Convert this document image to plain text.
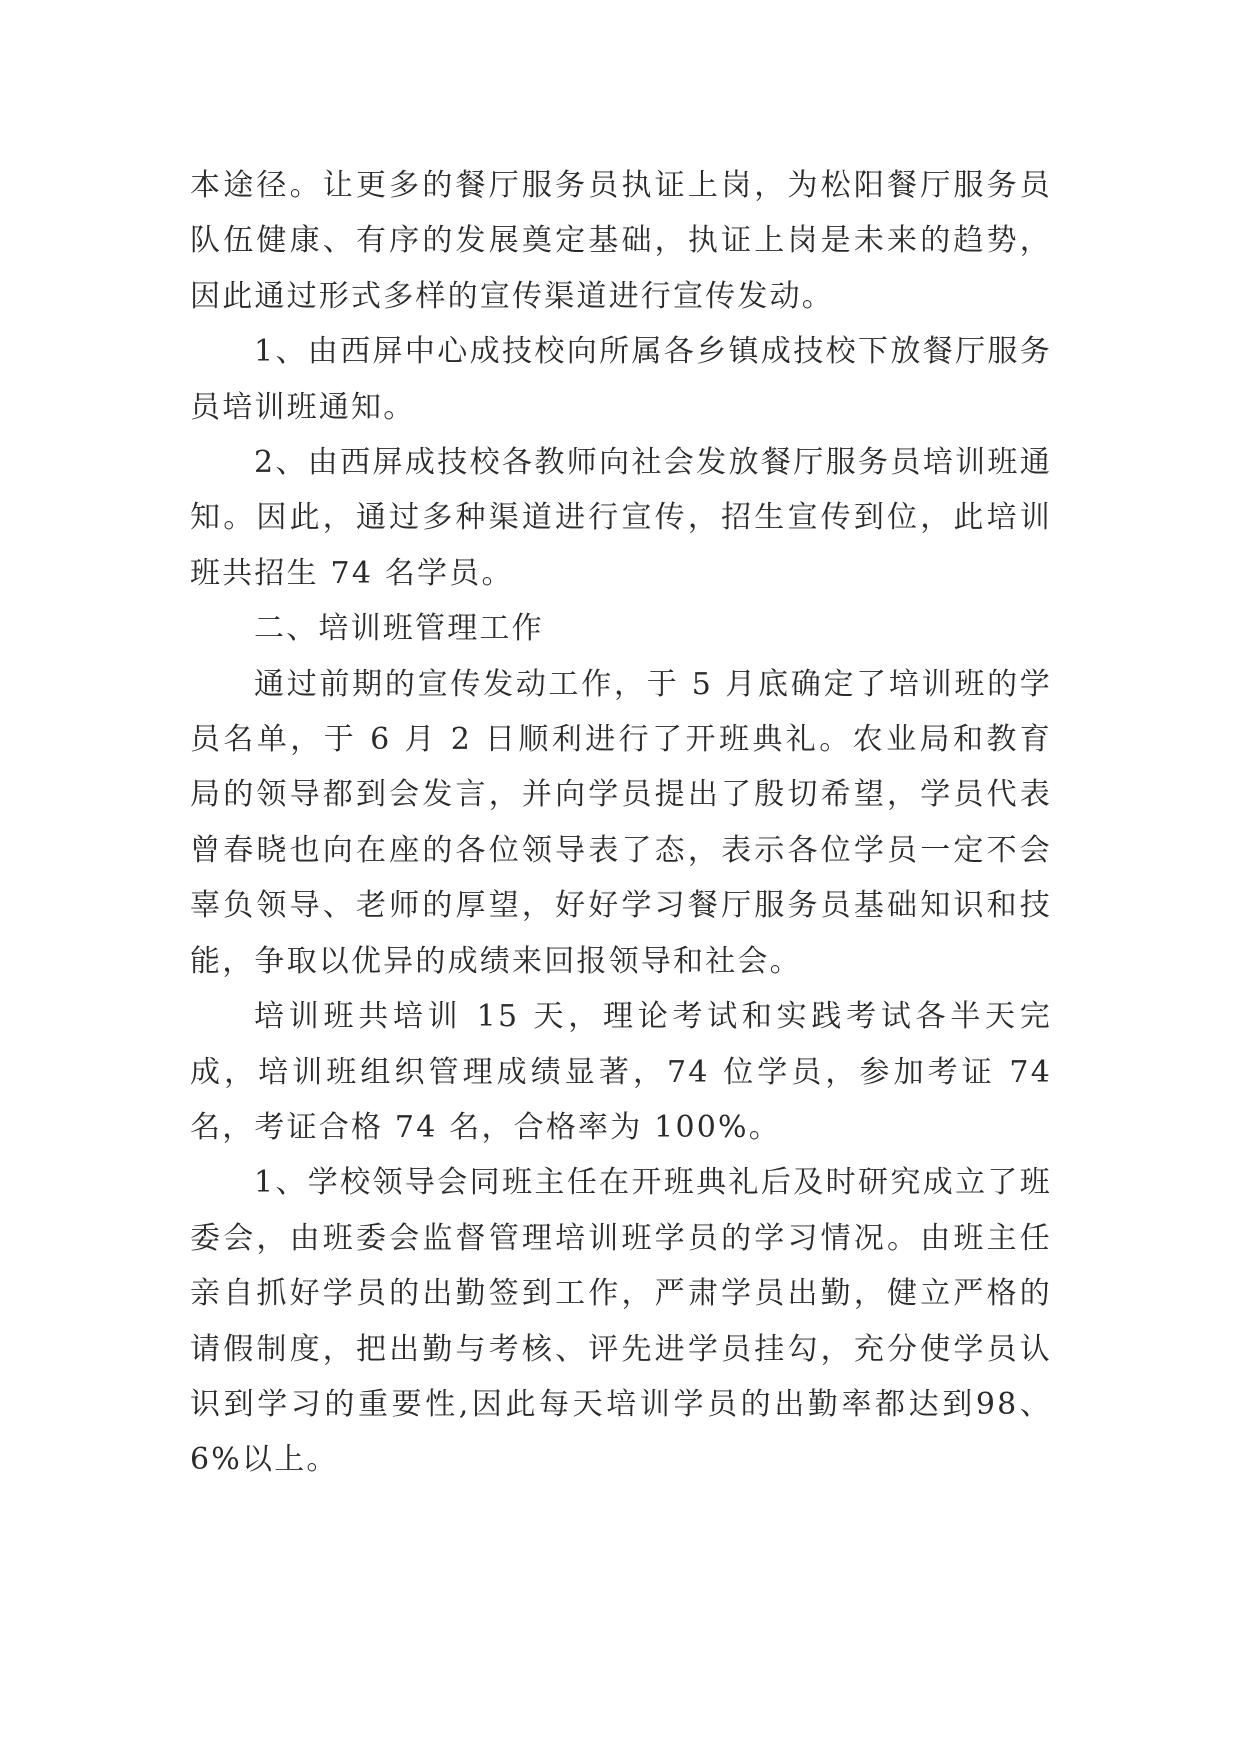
本途径。让更多的餐厅服务员执证上岗，为松阳餐厅服务员队伍健康、有序的发展奠定基础，执证上岗是未来的趋势，因此通过形式多样的宣传渠道进行宣传发动。

1、由西屏中心成技校向所属各乡镇成技校下放餐厅服务员培训班通知。

2、由西屏成技校各教师向社会发放餐厅服务员培训班通知。因此，通过多种渠道进行宣传，招生宣传到位，此培训班共招生 74 名学员。

二、培训班管理工作

通过前期的宣传发动工作，于 5 月底确定了培训班的学员名单，于 6 月 2 日顺利进行了开班典礼。农业局和教育局的领导都到会发言，并向学员提出了殷切希望，学员代表曾春晓也向在座的各位领导表了态，表示各位学员一定不会辜负领导、老师的厚望，好好学习餐厅服务员基础知识和技能，争取以优异的成绩来回报领导和社会。

培训班共培训 15 天，理论考试和实践考试各半天完成，培训班组织管理成绩显著，74 位学员，参加考证 74 名，考证合格 74 名，合格率为 100%。

1、学校领导会同班主任在开班典礼后及时研究成立了班委会，由班委会监督管理培训班学员的学习情况。由班主任亲自抓好学员的出勤签到工作，严肃学员出勤，健立严格的请假制度，把出勤与考核、评先进学员挂勾，充分使学员认识到学习的重要性,因此每天培训学员的出勤率都达到98、6%以上。
